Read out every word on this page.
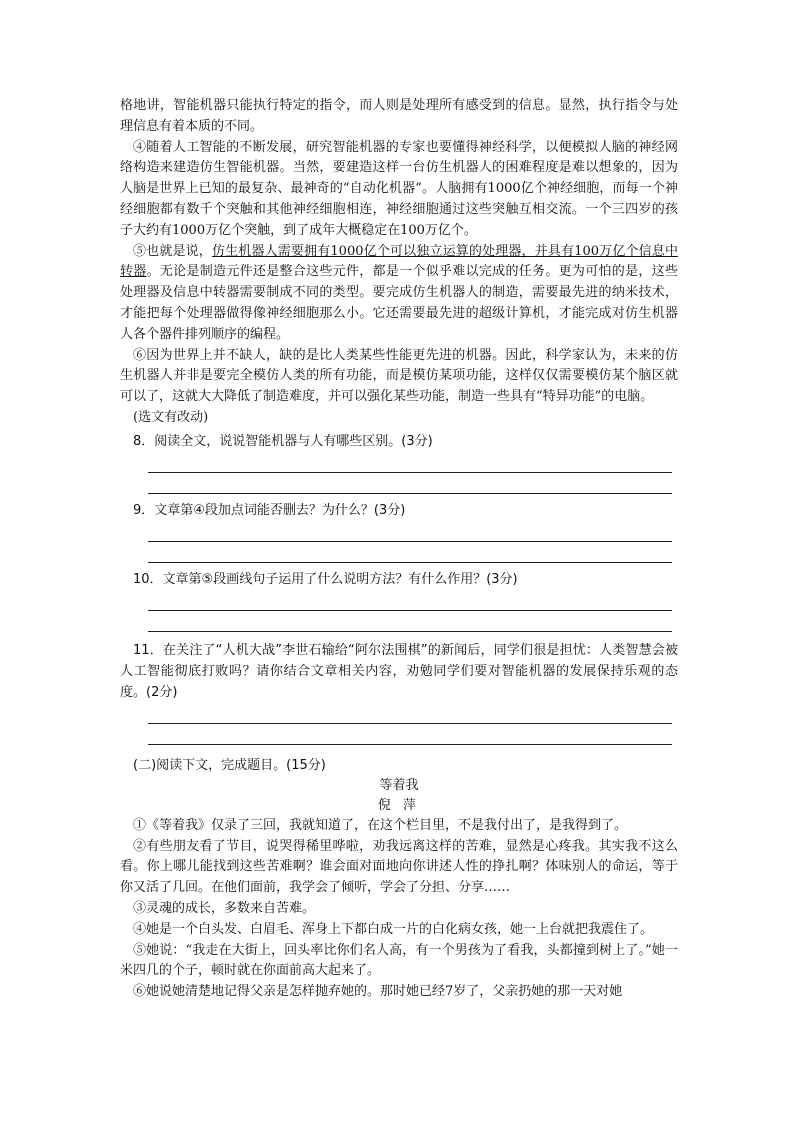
格地讲，智能机器只能执行特定的指令，而人则是处理所有感受到的信息。显然，执行指令与处理信息有着本质的不同。

④随着人工智能的不断发展，研究智能机器的专家也要懂得神经科学，以便模拟人脑的神经网络构造来建造仿生智能机器。当然，要建造这样一台仿生机器人的困难程度是难以想象的，因为人脑是世界上已知的最复杂、最神奇的“自动化机器”。人脑拥有1000亿个神经细胞，而每一个神经细胞都有数千个突触和其他神经细胞相连，神经细胞通过这些突触互相交流。一个三四岁的孩子大约有1000万亿个突触，到了成年大概稳定在100万亿个。

⑤也就是说，仿生机器人需要拥有1000亿个可以独立运算的处理器，并具有100万亿个信息中转器。无论是制造元件还是整合这些元件，都是一个似乎难以完成的任务。更为可怕的是，这些处理器及信息中转器需要制成不同的类型。要完成仿生机器人的制造，需要最先进的纳米技术，才能把每个处理器做得像神经细胞那么小。它还需要最先进的超级计算机，才能完成对仿生机器人各个器件排列顺序的编程。

⑥因为世界上并不缺人，缺的是比人类某些性能更先进的机器。因此，科学家认为，未来的仿生机器人并非是要完全模仿人类的所有功能，而是模仿某项功能，这样仅仅需要模仿某个脑区就可以了，这就大大降低了制造难度，并可以强化某些功能，制造一些具有“特异功能”的电脑。

(选文有改动)

8．阅读全文，说说智能机器与人有哪些区别。(3分)

9．文章第④段加点词能否删去？为什么？(3分)

10．文章第⑤段画线句子运用了什么说明方法？有什么作用？(3分)

11．在关注了“人机大战”李世石输给“阿尔法围棋”的新闻后，同学们很是担忧：人类智慧会被人工智能彻底打败吗？请你结合文章相关内容，劝勉同学们要对智能机器的发展保持乐观的态度。(2分)

(二)阅读下文，完成题目。(15分)

等着我
倪 萍

①《等着我》仅录了三回，我就知道了，在这个栏目里，不是我付出了，是我得到了。

②有些朋友看了节目，说哭得稀里哗啦，劝我远离这样的苦难，显然是心疼我。其实我不这么看。你上哪儿能找到这些苦难啊？谁会面对面地向你讲述人性的挣扎啊？体味别人的命运，等于你又活了几回。在他们面前，我学会了倾听，学会了分担、分享……

③灵魂的成长，多数来自苦难。

④她是一个白头发、白眉毛、浑身上下都白成一片的白化病女孩，她一上台就把我震住了。

⑤她说：“我走在大街上，回头率比你们名人高，有一个男孩为了看我，头都撞到树上了。”她一米四几的个子，顿时就在你面前高大起来了。

⑥她说她清楚地记得父亲是怎样抛弃她的。那时她已经7岁了，父亲扔她的那一天对她
